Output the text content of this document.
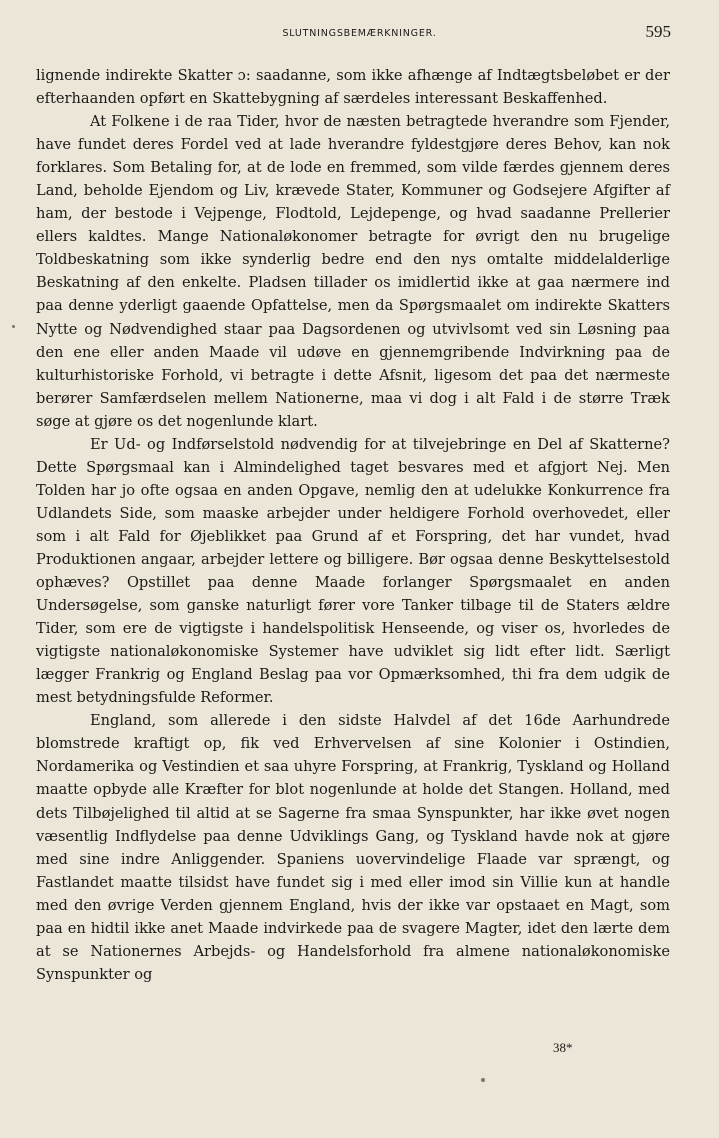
SLUTNINGSBEMÆRKNINGER.	595

lignende indirekte Skatter ɔ: saadanne, som ikke afhænge af Indtægtsbeløbet er der efterhaanden opført en Skattebygning af særdeles interessant Beskaffenhed.

At Folkene i de raa Tider, hvor de næsten betragtede hverandre som Fjender, have fundet deres Fordel ved at lade hverandre fyldestgjøre deres Behov, kan nok forklares. Som Betaling for, at de lode en fremmed, som vilde færdes gjennem deres Land, beholde Ejendom og Liv, krævede Stater, Kommuner og Godsejere Afgifter af ham, der bestode i Vejpenge, Flodtold, Lejdepenge, og hvad saadanne Prellerier ellers kaldtes. Mange Nationaløkonomer betragte for øvrigt den nu brugelige Toldbeskatning som ikke synderlig bedre end den nys omtalte middelalderlige Beskatning af den enkelte. Pladsen tillader os imidlertid ikke at gaa nærmere ind paa denne yderligt gaaende Opfattelse, men da Spørgsmaalet om indirekte Skatters Nytte og Nødvendighed staar paa Dagsordenen og utvivlsomt ved sin Løsning paa den ene eller anden Maade vil udøve en gjennemgribende Indvirkning paa de kulturhistoriske Forhold, vi betragte i dette Afsnit, ligesom det paa det nærmeste berører Samfærdselen mellem Nationerne, maa vi dog i alt Fald i de større Træk søge at gjøre os det nogenlunde klart.

Er Ud- og Indførselstold nødvendig for at tilvejebringe en Del af Skatterne? Dette Spørgsmaal kan i Almindelighed taget besvares med et afgjort Nej. Men Tolden har jo ofte ogsaa en anden Opgave, nemlig den at udelukke Konkurrence fra Udlandets Side, som maaske arbejder under heldigere Forhold overhovedet, eller som i alt Fald for Øjeblikket paa Grund af et Forspring, det har vundet, hvad Produktionen angaar, arbejder lettere og billigere. Bør ogsaa denne Beskyttelsestold ophæves? Opstillet paa denne Maade forlanger Spørgsmaalet en anden Undersøgelse, som ganske naturligt fører vore Tanker tilbage til de Staters ældre Tider, som ere de vigtigste i handelspolitisk Henseende, og viser os, hvorledes de vigtigste nationaløkonomiske Systemer have udviklet sig lidt efter lidt. Særligt lægger Frankrig og England Beslag paa vor Opmærksomhed, thi fra dem udgik de mest betydningsfulde Reformer.

England, som allerede i den sidste Halvdel af det 16de Aarhundrede blomstrede kraftigt op, fik ved Erhvervelsen af sine Kolonier i Ostindien, Nordamerika og Vestindien et saa uhyre Forspring, at Frankrig, Tyskland og Holland maatte opbyde alle Kræfter for blot nogenlunde at holde det Stangen. Holland, med dets Tilbøjelighed til altid at se Sagerne fra smaa Synspunkter, har ikke øvet nogen væsentlig Indflydelse paa denne Udviklings Gang, og Tyskland havde nok at gjøre med sine indre Anliggender. Spaniens uovervindelige Flaade var sprængt, og Fastlandet maatte tilsidst have fundet sig i med eller imod sin Villie kun at handle med den øvrige Verden gjennem England, hvis der ikke var opstaaet en Magt, som paa en hidtil ikke anet Maade indvirkede paa de svagere Magter, idet den lærte dem at se Nationernes Arbejds- og Handelsforhold fra almene nationaløkonomiske Synspunkter og

38*
